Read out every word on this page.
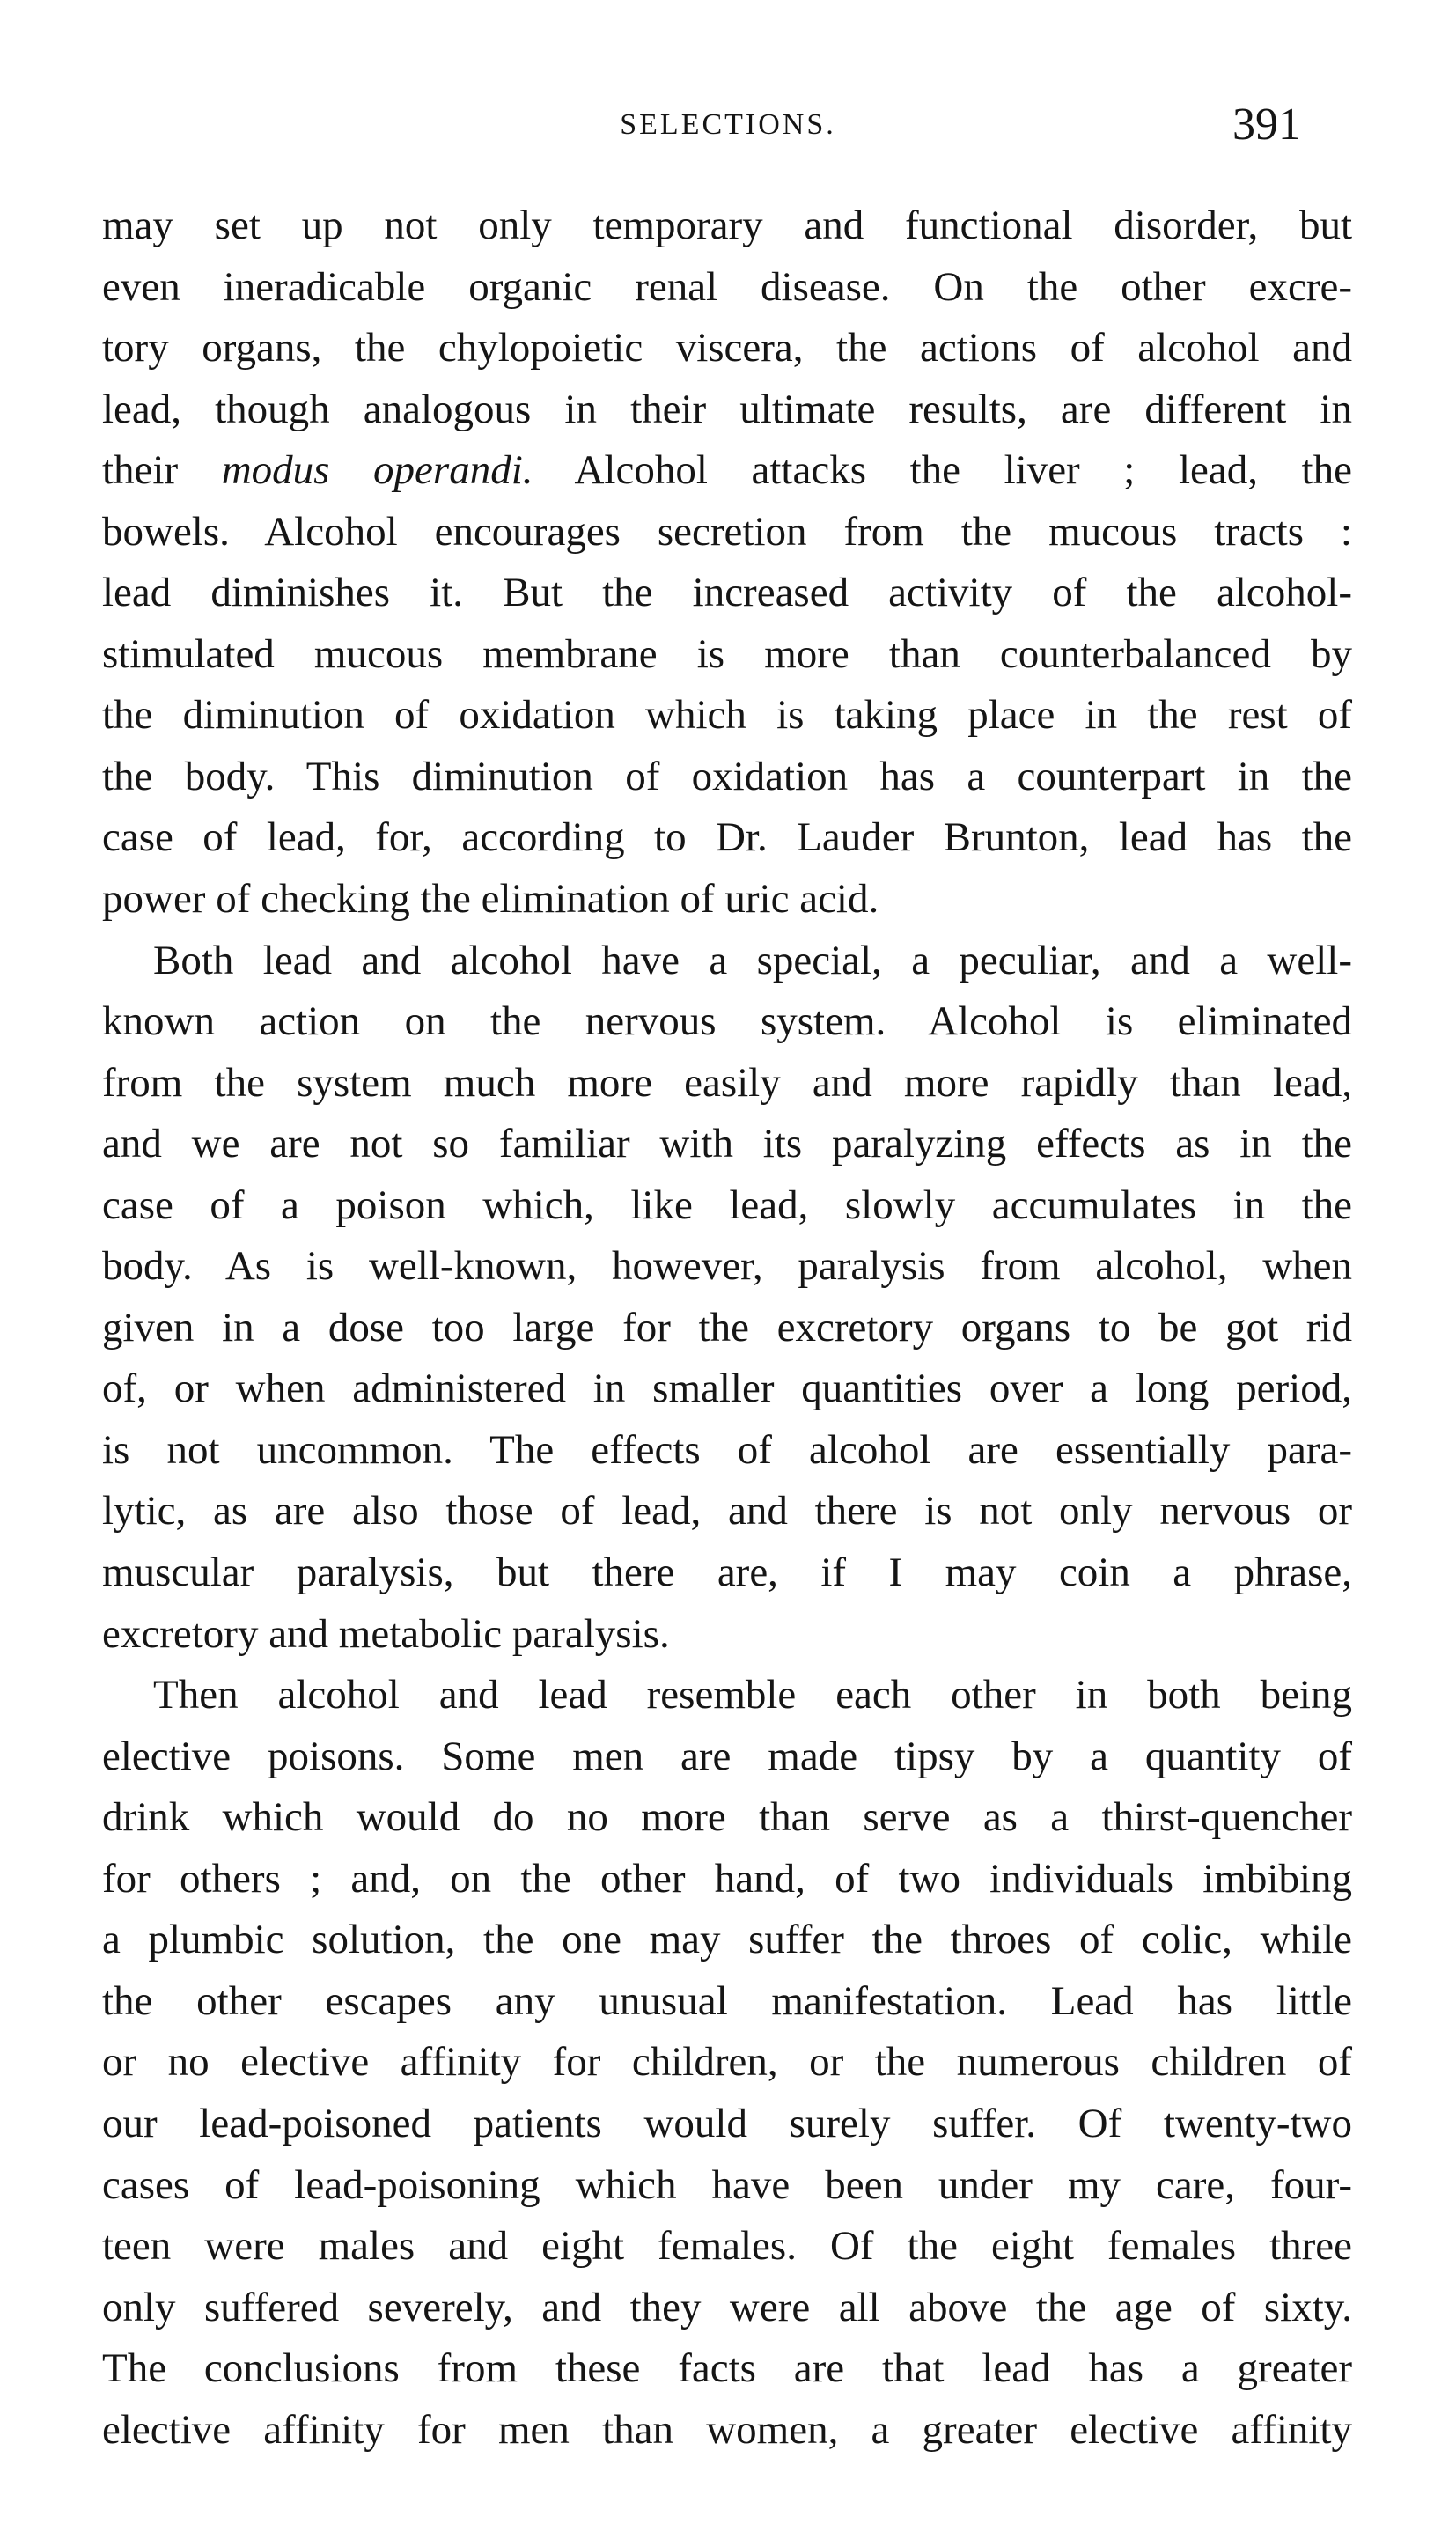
SELECTIONS.	391
may set up not only temporary and functional disorder, but
even ineradicable organic renal disease. On the other excre-
tory organs, the chylopoietic viscera, the actions of alcohol and
lead, though analogous in their ultimate results, are different in
their modus operandi. Alcohol attacks the liver ; lead, the
bowels. Alcohol encourages secretion from the mucous tracts :
lead diminishes it. But the increased activity of the alcohol-
stimulated mucous membrane is more than counterbalanced by
the diminution of oxidation which is taking place in the rest of
the body. This diminution of oxidation has a counterpart in the
case of lead, for, according to Dr. Lauder Brunton, lead has the
power of checking the elimination of uric acid.
Both lead and alcohol have a special, a peculiar, and a well-
known action on the nervous system. Alcohol is eliminated
from the system much more easily and more rapidly than lead,
and we are not so familiar with its paralyzing effects as in the
case of a poison which, like lead, slowly accumulates in the
body. As is well-known, however, paralysis from alcohol, when
given in a dose too large for the excretory organs to be got rid
of, or when administered in smaller quantities over a long period,
is not uncommon. The effects of alcohol are essentially para-
lytic, as are also those of lead, and there is not only nervous or
muscular paralysis, but there are, if I may coin a phrase,
excretory and metabolic paralysis.
Then alcohol and lead resemble each other in both being
elective poisons. Some men are made tipsy by a quantity of
drink which would do no more than serve as a thirst-quencher
for others ; and, on the other hand, of two individuals imbibing
a plumbic solution, the one may suffer the throes of colic, while
the other escapes any unusual manifestation. Lead has little
or no elective affinity for children, or the numerous children of
our lead-poisoned patients would surely suffer. Of twenty-two
cases of lead-poisoning which have been under my care, four-
teen were males and eight females. Of the eight females three
only suffered severely, and they were all above the age of sixty.
The conclusions from these facts are that lead has a greater
elective affinity for men than women, a greater elective affinity
